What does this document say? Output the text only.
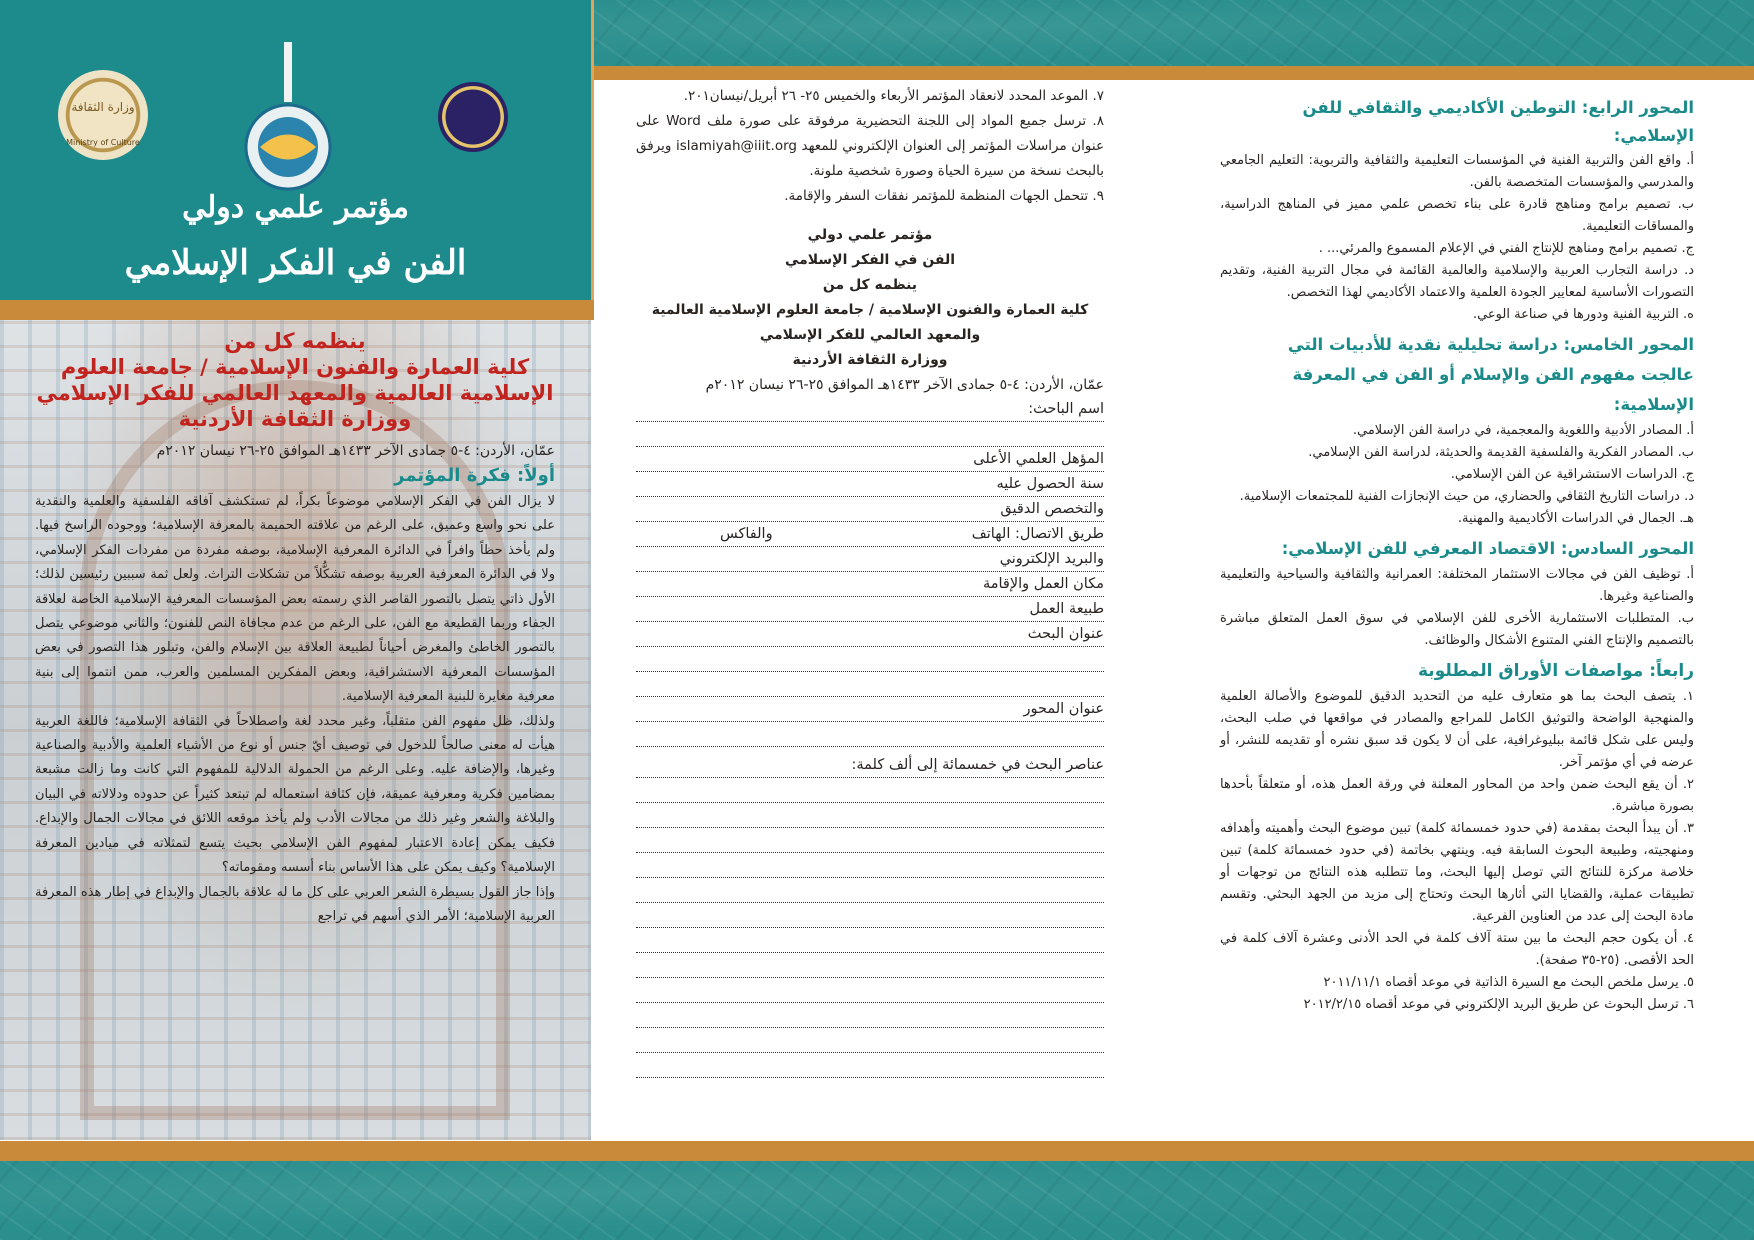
وزارة الثقافة
Ministry of Culture
مؤتمر علمي دولي
الفن في الفكر الإسلامي
ينظمه كل من
كلية العمارة والفنون الإسلامية / جامعة العلوم
الإسلامية العالمية والمعهد العالمي للفكر الإسلامي
ووزارة الثقافة الأردنية
عمّان، الأردن: ٤-٥ جمادى الآخر ١٤٣٣هـ الموافق ٢٥-٢٦ نيسان ٢٠١٢م
أولاً: فكرة المؤتمر
لا يزال الفن في الفكر الإسلامي موضوعاً بكراً، لم تستكشف آفاقه الفلسفية والعلمية والنقدية على نحو واسع وعميق، على الرغم من علاقته الحميمة بالمعرفة الإسلامية؛ ووجوده الراسخ فيها. ولم يأخذ حظاً وافراً في الدائرة المعرفية الإسلامية، بوصفه مفردة من مفردات الفكر الإسلامي، ولا في الدائرة المعرفية العربية بوصفه تشكُّلاً من تشكلات التراث. ولعل ثمة سببين رئيسين لذلك؛ الأول ذاتي يتصل بالتصور القاصر الذي رسمته بعض المؤسسات المعرفية الإسلامية الخاصة لعلاقة الجفاء وربما القطيعة مع الفن، على الرغم من عدم مجافاة النص للفنون؛ والثاني موضوعي يتصل بالتصور الخاطئ والمغرض أحياناً لطبيعة العلاقة بين الإسلام والفن، وتبلور هذا التصور في بعض المؤسسات المعرفية الاستشراقية، وبعض المفكرين المسلمين والعرب، ممن انتموا إلى بنية معرفية مغايرة للبنية المعرفية الإسلامية.
ولذلك، ظل مفهوم الفن متقلباً، وغير محدد لغة واصطلاحاً في الثقافة الإسلامية؛ فاللغة العربية هيأت له معنى صالحاً للدخول في توصيف أيّ جنس أو نوع من الأشياء العلمية والأدبية والصناعية وغيرها، والإضافة عليه. وعلى الرغم من الحمولة الدلالية للمفهوم التي كانت وما زالت مشبعة بمضامين فكرية ومعرفية عميقة، فإن كثافة استعماله لم تبتعد كثيراً عن حدوده ودلالاته في البيان والبلاغة والشعر وغير ذلك من مجالات الأدب ولم يأخذ موقعه اللائق في مجالات الجمال والإبداع. فكيف يمكن إعادة الاعتبار لمفهوم الفن الإسلامي بحيث يتسع لتمثلاته في ميادين المعرفة الإسلامية؟ وكيف يمكن على هذا الأساس بناء أسسه ومقوماته؟
وإذا جاز القول بسيطرة الشعر العربي على كل ما له علاقة بالجمال والإبداع في إطار هذه المعرفة العربية الإسلامية؛ الأمر الذي أسهم في تراجع
٧. الموعد المحدد لانعقاد المؤتمر الأربعاء والخميس ٢٥- ٢٦ أبريل/نيسان٢٠١.
٨. ترسل جميع المواد إلى اللجنة التحضيرية مرفوقة على صورة ملف Word على عنوان مراسلات المؤتمر إلى العنوان الإلكتروني للمعهد islamiyah@iiit.org ويرفق بالبحث نسخة من سيرة الحياة وصورة شخصية ملونة.
٩. تتحمل الجهات المنظمة للمؤتمر نفقات السفر والإقامة.
مؤتمر علمي دولي
الفن في الفكر الإسلامي
ينظمه كل من
كلية العمارة والفنون الإسلامية / جامعة العلوم الإسلامية العالمية
والمعهد العالمي للفكر الإسلامي
ووزارة الثقافة الأردنية
عمّان، الأردن: ٤-٥ جمادى الآخر ١٤٣٣هـ الموافق ٢٥-٢٦ نيسان ٢٠١٢م
اسم الباحث:
المؤهل العلمي الأعلى
سنة الحصول عليه
والتخصص الدقيق
طريق الاتصال: الهاتف
والفاكس
والبريد الإلكتروني
مكان العمل والإقامة
طبيعة العمل
عنوان البحث
عنوان المحور
عناصر البحث في خمسمائة إلى ألف كلمة:
المحور الرابع: التوطين الأكاديمي والثقافي للفن الإسلامي:
أ. واقع الفن والتربية الفنية في المؤسسات التعليمية والثقافية والتربوية: التعليم الجامعي والمدرسي والمؤسسات المتخصصة بالفن.
ب. تصميم برامج ومناهج قادرة على بناء تخصص علمي مميز في المناهج الدراسية، والمساقات التعليمية.
ج. تصميم برامج ومناهج للإنتاج الفني في الإعلام المسموع والمرئي... .
د. دراسة التجارب العربية والإسلامية والعالمية القائمة في مجال التربية الفنية، وتقديم التصورات الأساسية لمعايير الجودة العلمية والاعتماد الأكاديمي لهذا التخصص.
ه. التربية الفنية ودورها في صناعة الوعي.
المحور الخامس: دراسة تحليلية نقدية للأدبيات التي
عالجت مفهوم الفن والإسلام أو الفن في المعرفة الإسلامية:
أ. المصادر الأدبية واللغوية والمعجمية، في دراسة الفن الإسلامي.
ب. المصادر الفكرية والفلسفية القديمة والحديثة، لدراسة الفن الإسلامي.
ج. الدراسات الاستشراقية عن الفن الإسلامي.
د. دراسات التاريخ الثقافي والحضاري، من حيث الإنجازات الفنية للمجتمعات الإسلامية.
هـ. الجمال في الدراسات الأكاديمية والمهنية.
المحور السادس: الاقتصاد المعرفي للفن الإسلامي:
أ. توظيف الفن في مجالات الاستثمار المختلفة: العمرانية والثقافية والسياحية والتعليمية والصناعية وغيرها.
ب. المتطلبات الاستثمارية الأخرى للفن الإسلامي في سوق العمل المتعلق مباشرة بالتصميم والإنتاج الفني المتنوع الأشكال والوظائف.
رابعاً: مواصفات الأوراق المطلوبة
١. يتصف البحث بما هو متعارف عليه من التحديد الدقيق للموضوع والأصالة العلمية والمنهجية الواضحة والتوثيق الكامل للمراجع والمصادر في مواقعها في صلب البحث، وليس على شكل قائمة ببليوغرافية، على أن لا يكون قد سبق نشره أو تقديمه للنشر، أو عرضه في أي مؤتمر آخر.
٢. أن يقع البحث ضمن واحد من المحاور المعلنة في ورقة العمل هذه، أو متعلقاً بأحدها بصورة مباشرة.
٣. أن يبدأ البحث بمقدمة (في حدود خمسمائة كلمة) تبين موضوع البحث وأهميته وأهدافه ومنهجيته، وطبيعة البحوث السابقة فيه. وينتهي بخاتمة (في حدود خمسمائة كلمة) تبين خلاصة مركزة للنتائج التي توصل إليها البحث، وما تتطلبه هذه النتائج من توجهات أو تطبيقات عملية، والقضايا التي أثارها البحث وتحتاج إلى مزيد من الجهد البحثي. وتقسم مادة البحث إلى عدد من العناوين الفرعية.
٤. أن يكون حجم البحث ما بين ستة آلاف كلمة في الحد الأدنى وعشرة آلاف كلمة في الحد الأقصى. (٢٥-٣٥ صفحة).
٥. يرسل ملخص البحث مع السيرة الذاتية في موعد أقصاه ٢٠١١/١١/١
٦. ترسل البحوث عن طريق البريد الإلكتروني في موعد أقصاه ٢٠١٢/٢/١٥
